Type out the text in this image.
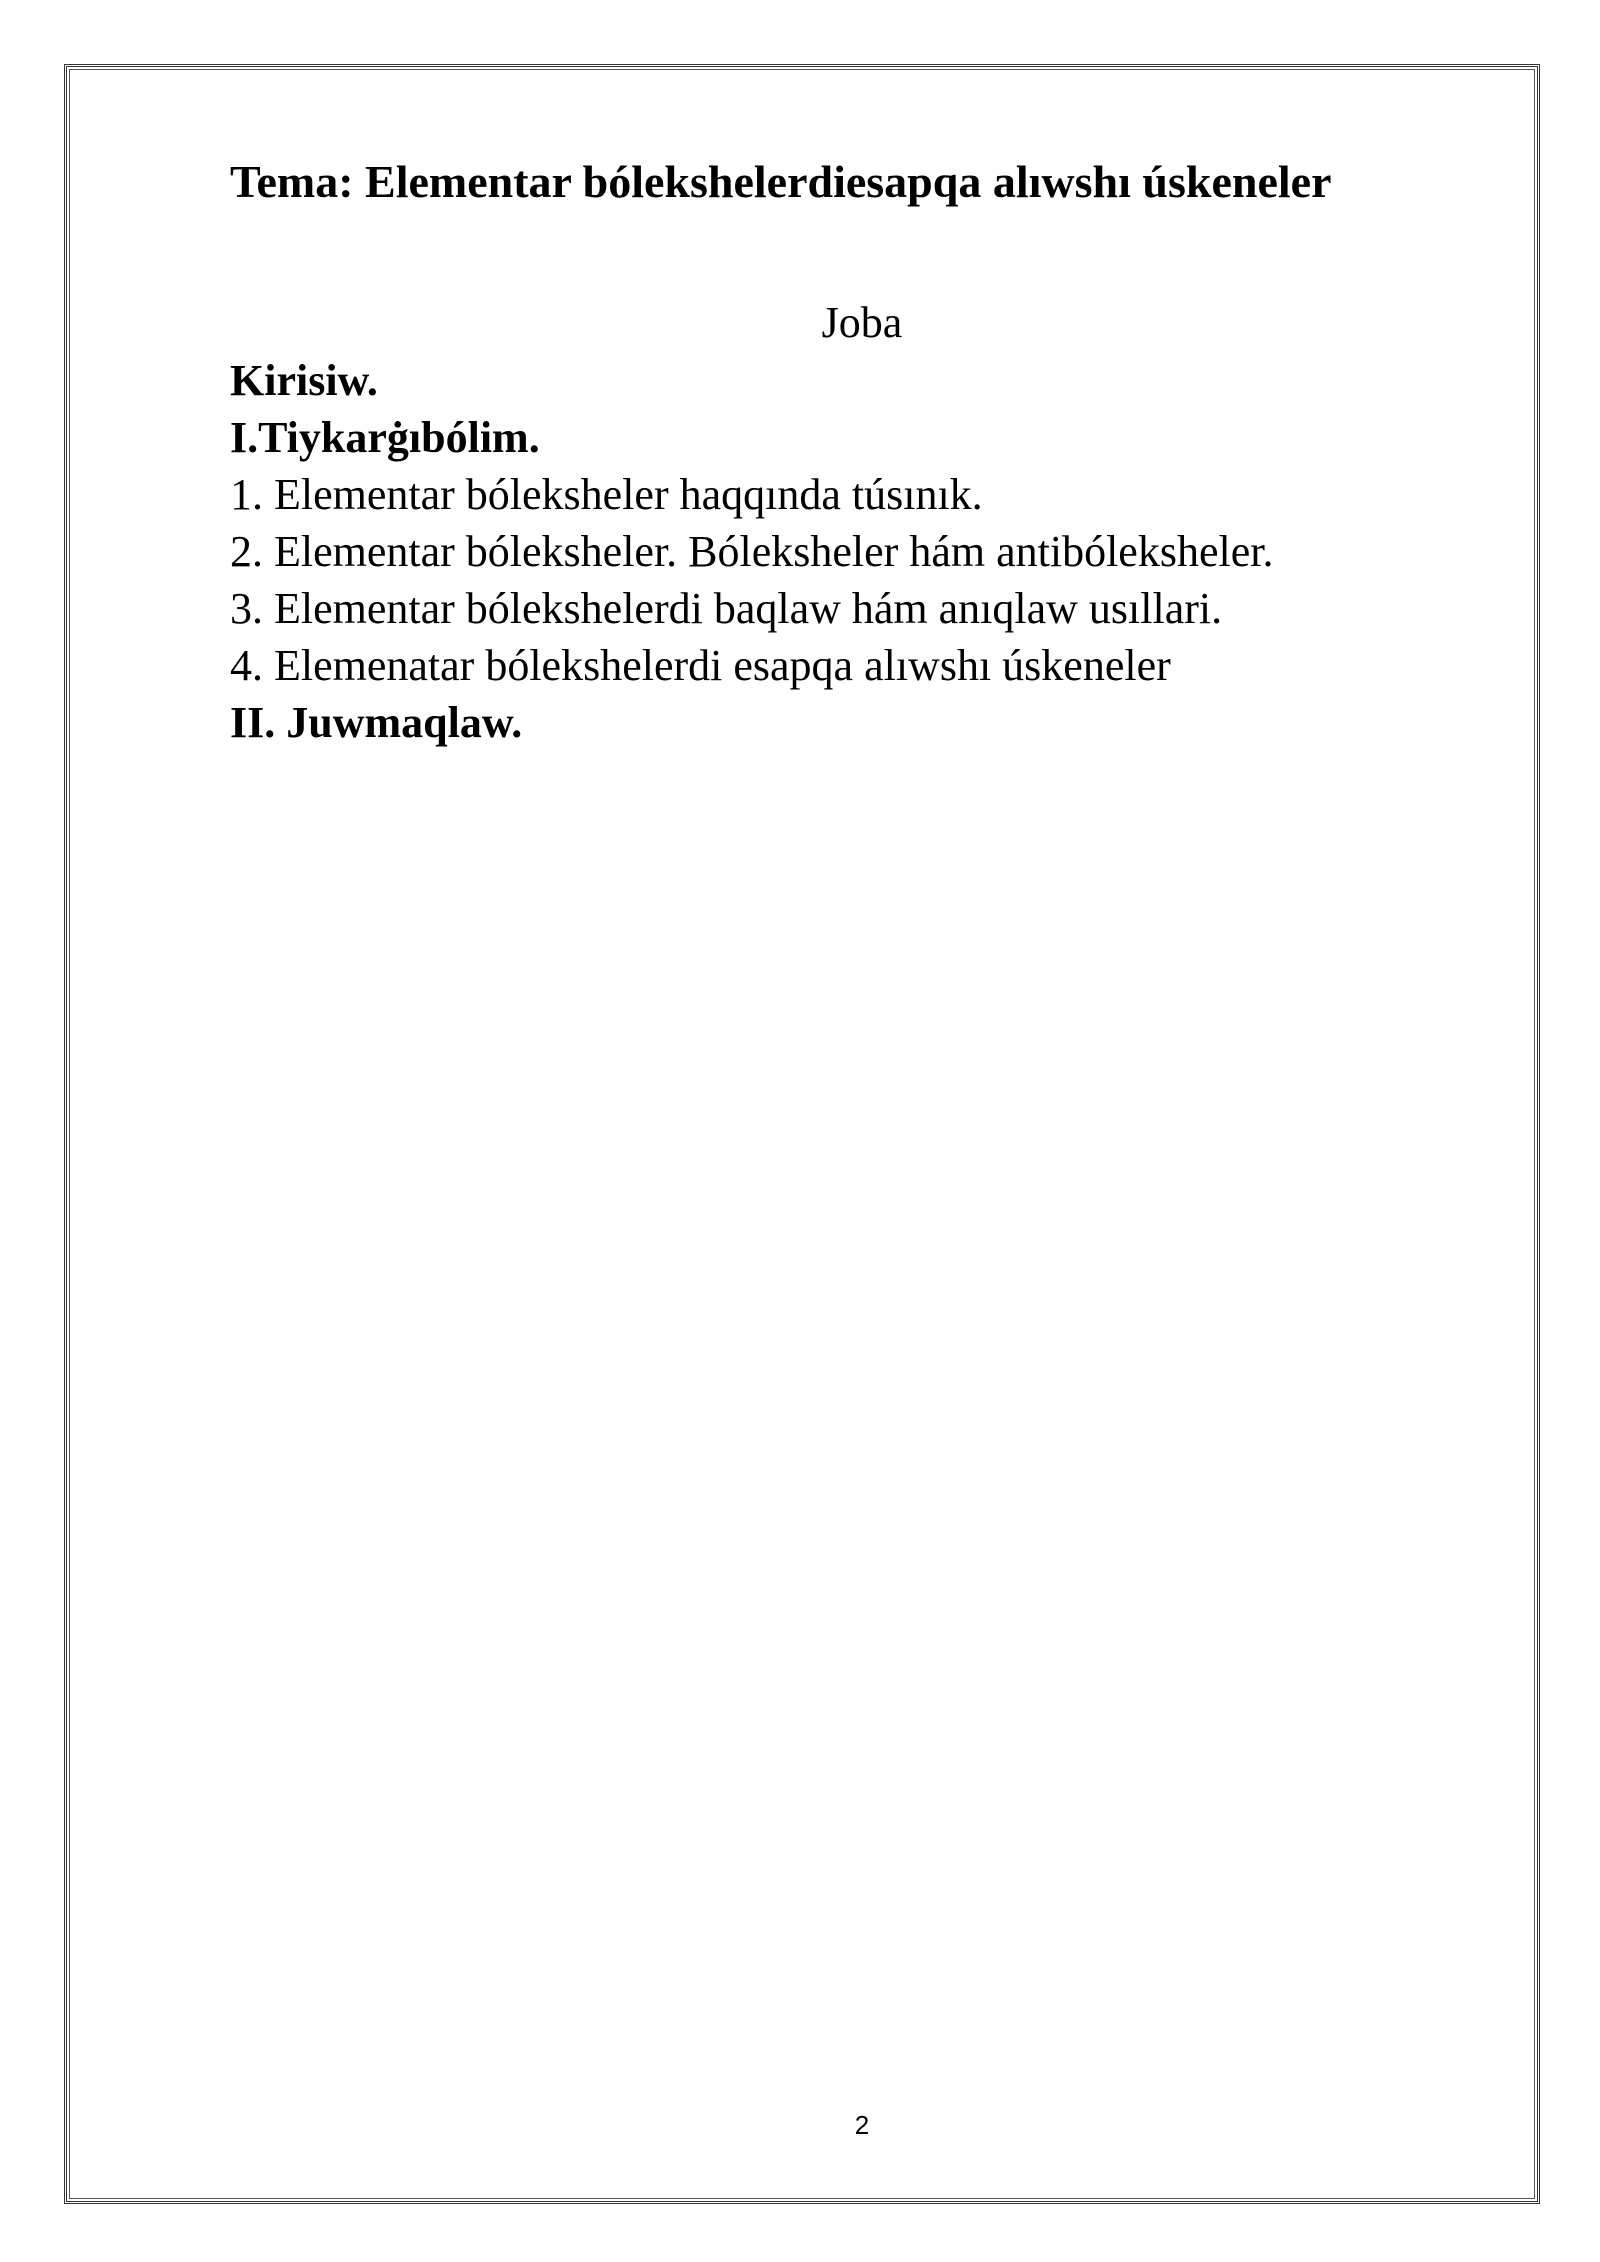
Tema: Elementar bólekshelerdiesapqa alıwshı úskeneler
Joba
Kirisiw.
I.Tiykarġıbólim.
1. Elementar bóleksheler haqqında túsınık.
2. Elementar bóleksheler. Bóleksheler hám antibóleksheler.
3. Elementar bólekshelerdi baqlaw hám anıqlaw usıllari.
4. Elemenatar bólekshelerdi esapqa alıwshı úskeneler
II. Juwmaqlaw.
2
